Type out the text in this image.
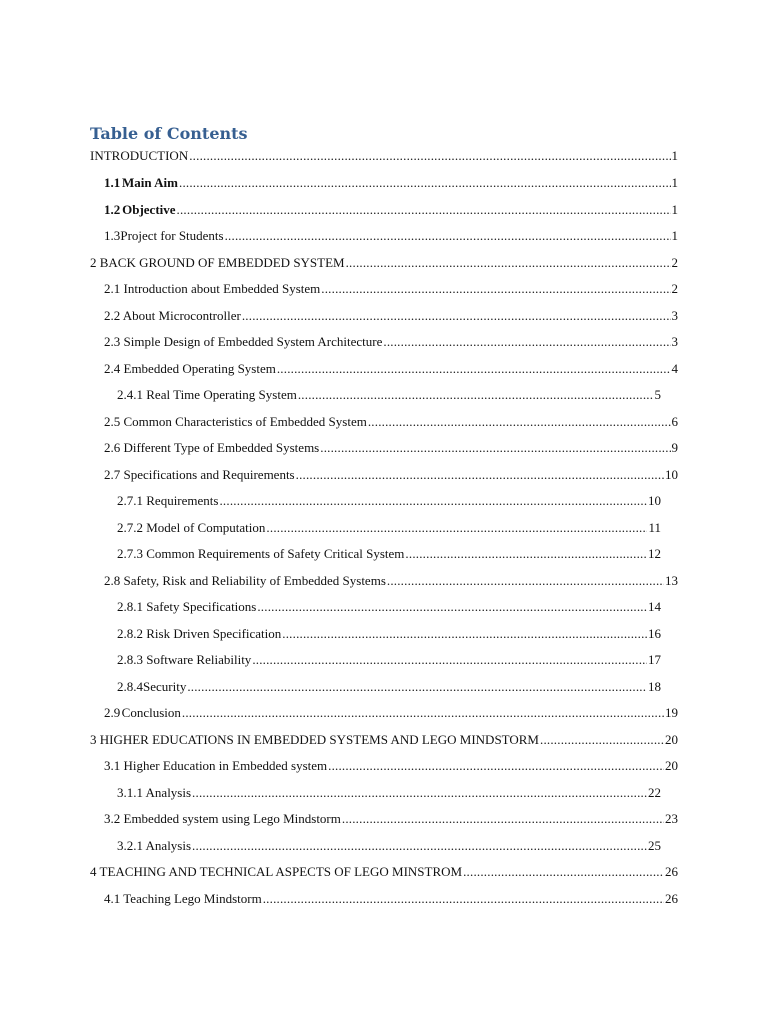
Table of Contents
INTRODUCTION .....	1
1.1 Main Aim .....	1
1.2 Objective .....	1
1.3 Project for Students .....	1
2 BACK GROUND OF EMBEDDED SYSTEM .....	2
2.1 Introduction about Embedded System .....	2
2.2 About Microcontroller .....	3
2.3 Simple Design of Embedded System Architecture .....	3
2.4 Embedded Operating System .....	4
2.4.1 Real Time Operating System .....	5
2.5 Common Characteristics of Embedded System .....	6
2.6 Different Type of Embedded Systems .....	9
2.7 Specifications and Requirements .....	10
2.7.1 Requirements .....	10
2.7.2 Model of Computation .....	11
2.7.3 Common Requirements of Safety Critical System .....	12
2.8 Safety, Risk and Reliability of Embedded Systems .....	13
2.8.1 Safety Specifications .....	14
2.8.2 Risk Driven Specification .....	16
2.8.3 Software Reliability .....	17
2.8.4Security .....	18
2.9 Conclusion .....	19
3 HIGHER EDUCATIONS IN EMBEDDED SYSTEMS AND LEGO MINDSTORM .....	20
3.1 Higher Education in Embedded system .....	20
3.1.1 Analysis .....	22
3.2 Embedded system using Lego Mindstorm .....	23
3.2.1 Analysis .....	25
4 TEACHING AND TECHNICAL ASPECTS OF LEGO MINSTROM .....	26
4.1 Teaching Lego Mindstorm .....	26
